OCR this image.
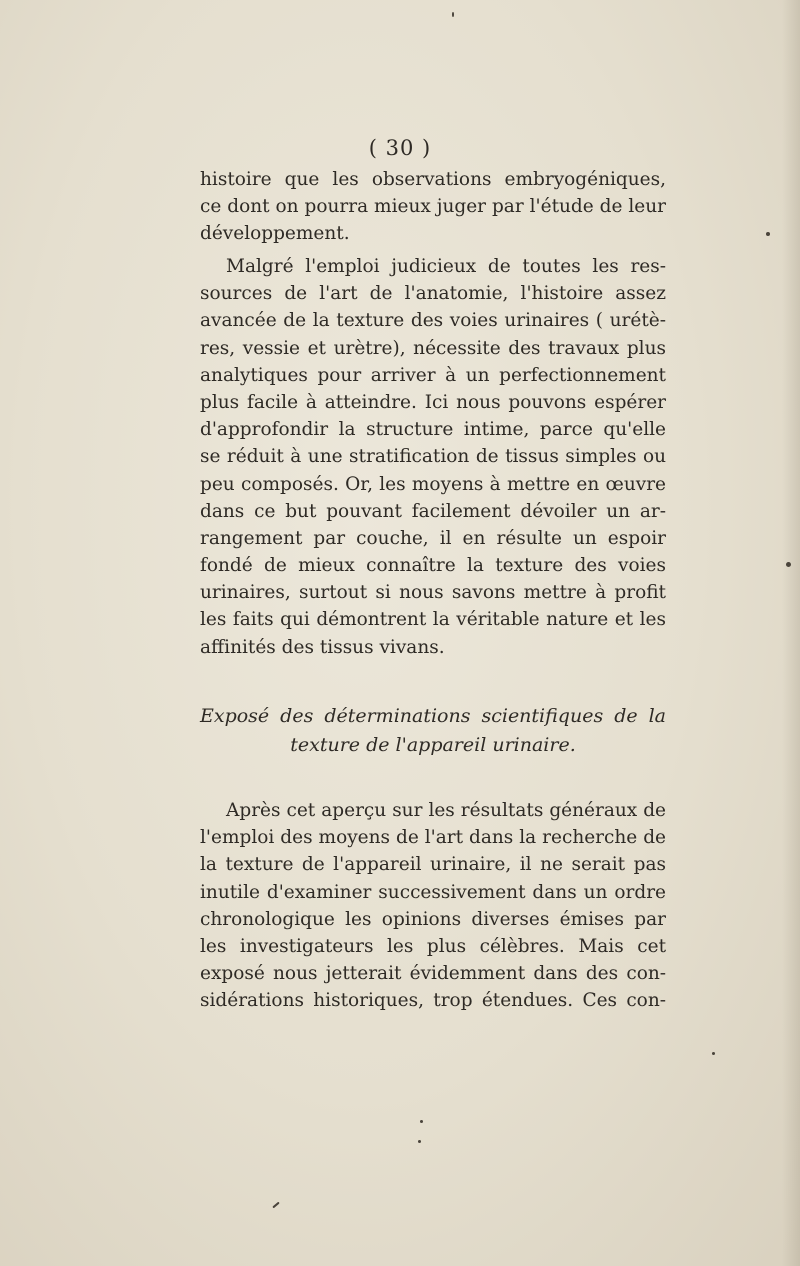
( 30 )
histoire que les observations embryogéniques,
ce dont on pourra mieux juger par l'étude de leur
développement.
Malgré l'emploi judicieux de toutes les res-
sources de l'art de l'anatomie, l'histoire assez
avancée de la texture des voies urinaires ( urétè-
res, vessie et urètre), nécessite des travaux plus
analytiques pour arriver à un perfectionnement
plus facile à atteindre. Ici nous pouvons espérer
d'approfondir la structure intime, parce qu'elle
se réduit à une stratification de tissus simples ou
peu composés. Or, les moyens à mettre en œuvre
dans ce but pouvant facilement dévoiler un ar-
rangement par couche, il en résulte un espoir
fondé de mieux connaître la texture des voies
urinaires, surtout si nous savons mettre à profit
les faits qui démontrent la véritable nature et les
affinités des tissus vivans.
Exposé des déterminations scientifiques de la
texture de l'appareil urinaire.
Après cet aperçu sur les résultats généraux de
l'emploi des moyens de l'art dans la recherche de
la texture de l'appareil urinaire, il ne serait pas
inutile d'examiner successivement dans un ordre
chronologique les opinions diverses émises par
les investigateurs les plus célèbres. Mais cet
exposé nous jetterait évidemment dans des con-
sidérations historiques, trop étendues. Ces con-
